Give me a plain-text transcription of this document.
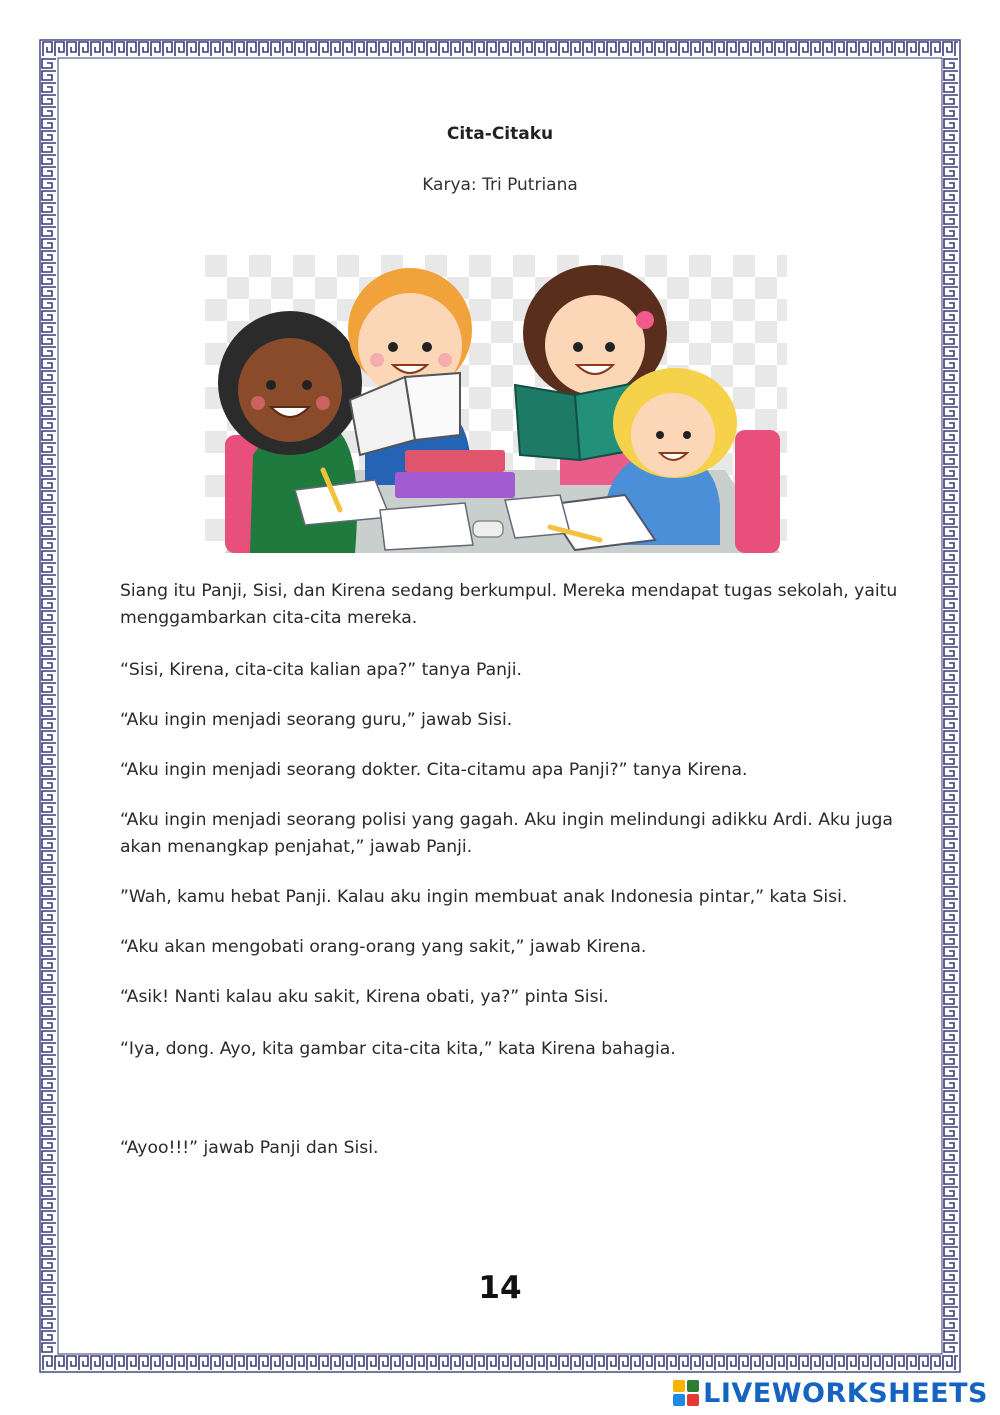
Cita-Citaku
Karya: Tri Putriana

Siang itu Panji, Sisi, dan Kirena sedang berkumpul. Mereka mendapat tugas sekolah, yaitu menggambarkan cita-cita mereka.

“Sisi, Kirena, cita-cita kalian apa?” tanya Panji.

“Aku ingin menjadi seorang guru,” jawab Sisi.

“Aku ingin menjadi seorang dokter. Cita-citamu apa Panji?” tanya Kirena.

“Aku ingin menjadi seorang polisi yang gagah. Aku ingin melindungi adikku Ardi. Aku juga akan menangkap penjahat,” jawab Panji.

”Wah, kamu hebat Panji. Kalau aku ingin membuat anak Indonesia pintar,” kata Sisi.

“Aku akan mengobati orang-orang yang sakit,” jawab Kirena.

“Asik! Nanti kalau aku sakit, Kirena obati, ya?” pinta Sisi.

“Iya, dong. Ayo, kita gambar cita-cita kita,” kata Kirena bahagia.

“Ayoo!!!” jawab Panji dan Sisi.

14
LIVEWORKSHEETS
